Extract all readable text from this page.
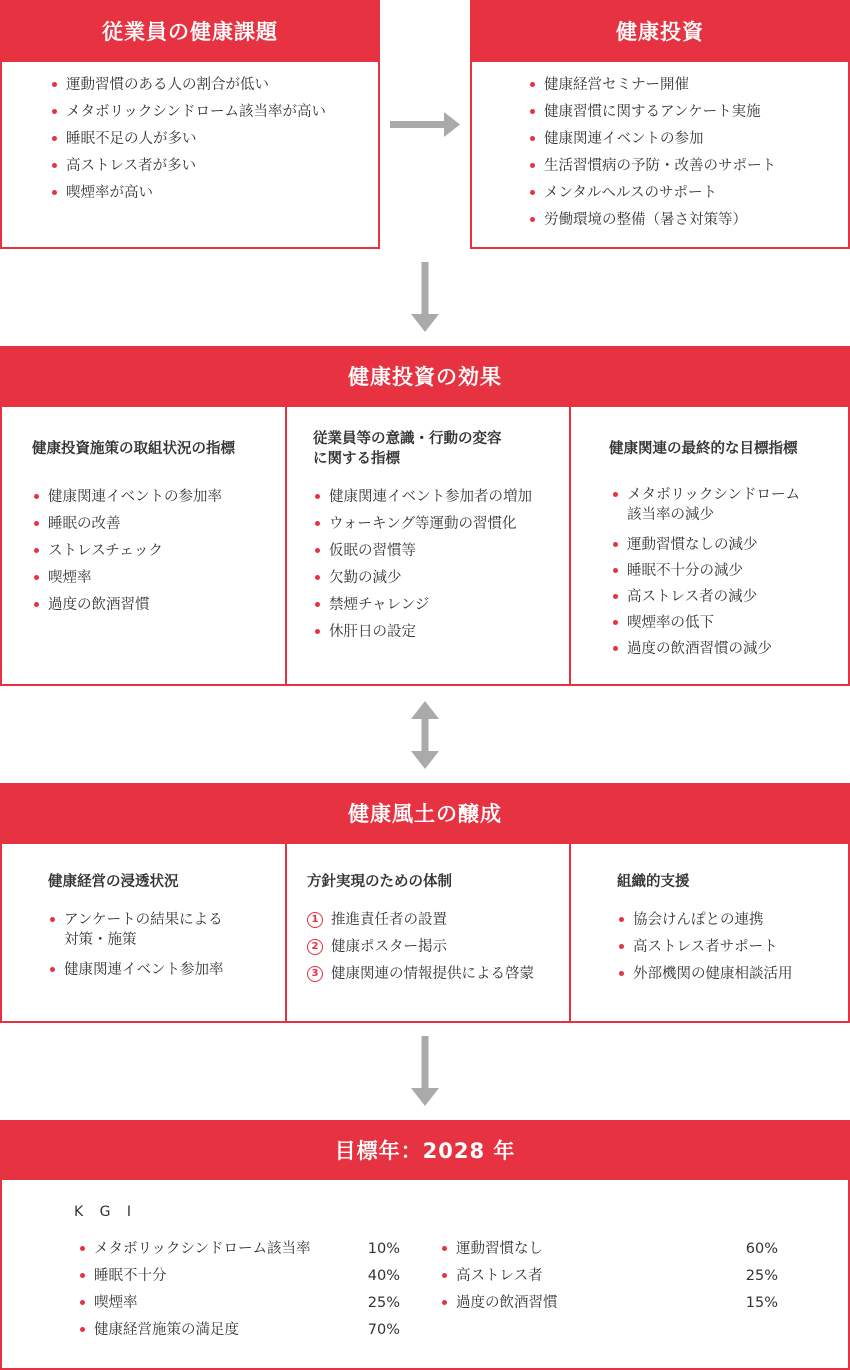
従業員の健康課題
運動習慣のある人の割合が低い
メタボリックシンドローム該当率が高い
睡眠不足の人が多い
高ストレス者が多い
喫煙率が高い
健康投資
健康経営セミナー開催
健康習慣に関するアンケート実施
健康関連イベントの参加
生活習慣病の予防・改善のサポート
メンタルヘルスのサポート
労働環境の整備（暑さ対策等）
健康投資の効果
健康投資施策の取組状況の指標
健康関連イベントの参加率
睡眠の改善
ストレスチェック
喫煙率
過度の飲酒習慣
従業員等の意識・行動の変容
に関する指標
健康関連イベント参加者の増加
ウォーキング等運動の習慣化
仮眠の習慣等
欠勤の減少
禁煙チャレンジ
休肝日の設定
健康関連の最終的な目標指標
メタボリックシンドローム
該当率の減少
運動習慣なしの減少
睡眠不十分の減少
高ストレス者の減少
喫煙率の低下
過度の飲酒習慣の減少
健康風土の醸成
健康経営の浸透状況
アンケートの結果による
対策・施策
健康関連イベント参加率
方針実現のための体制
1 推進責任者の設置
2 健康ポスター掲示
3 健康関連の情報提供による啓蒙
組織的支援
協会けんぽとの連携
高ストレス者サポート
外部機関の健康相談活用
目標年：2028 年
K G I
メタボリックシンドローム該当率	10%
睡眠不十分	40%
喫煙率	25%
健康経営施策の満足度	70%
運動習慣なし	60%
高ストレス者	25%
過度の飲酒習慣	15%
